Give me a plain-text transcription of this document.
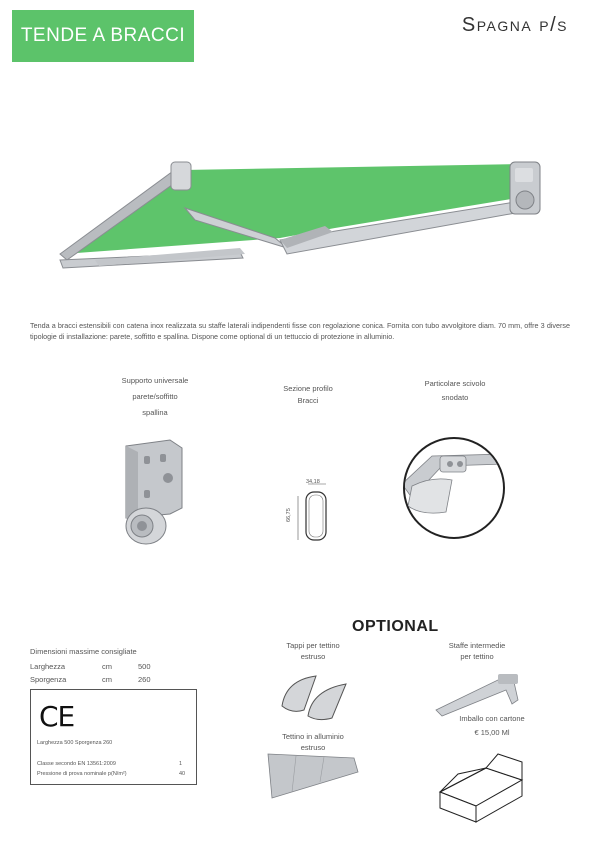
TENDE A BRACCI	Spagna p/s
Tenda a bracci estensibili con catena inox realizzata su staffe laterali indipendenti fisse con regolazione conica. Fornita con tubo avvolgitore diam. 70 mm, offre 3 diverse tipologie di installazione: parete, soffitto e spallina. Dispone come optional di un tettuccio di protezione in alluminio.
Supporto universale
parete/soffitto
spallina
Sezione profilo
Bracci
34,18
66,75
Particolare scivolo
snodato
OPTIONAL
Dimensioni massime consigliate
Larghezza	cm	500
Sporgenza	cm	260
CE
Larghezza 500 Sporgenza 260
Classe secondo EN 13561:2009	1
Pressione di prova nominale p(N/m²)	40
Tappi per tettino
estruso
Tettino in alluminio
estruso
Staffe intermedie
per tettino
Imballo con cartone
€ 15,00 Ml
